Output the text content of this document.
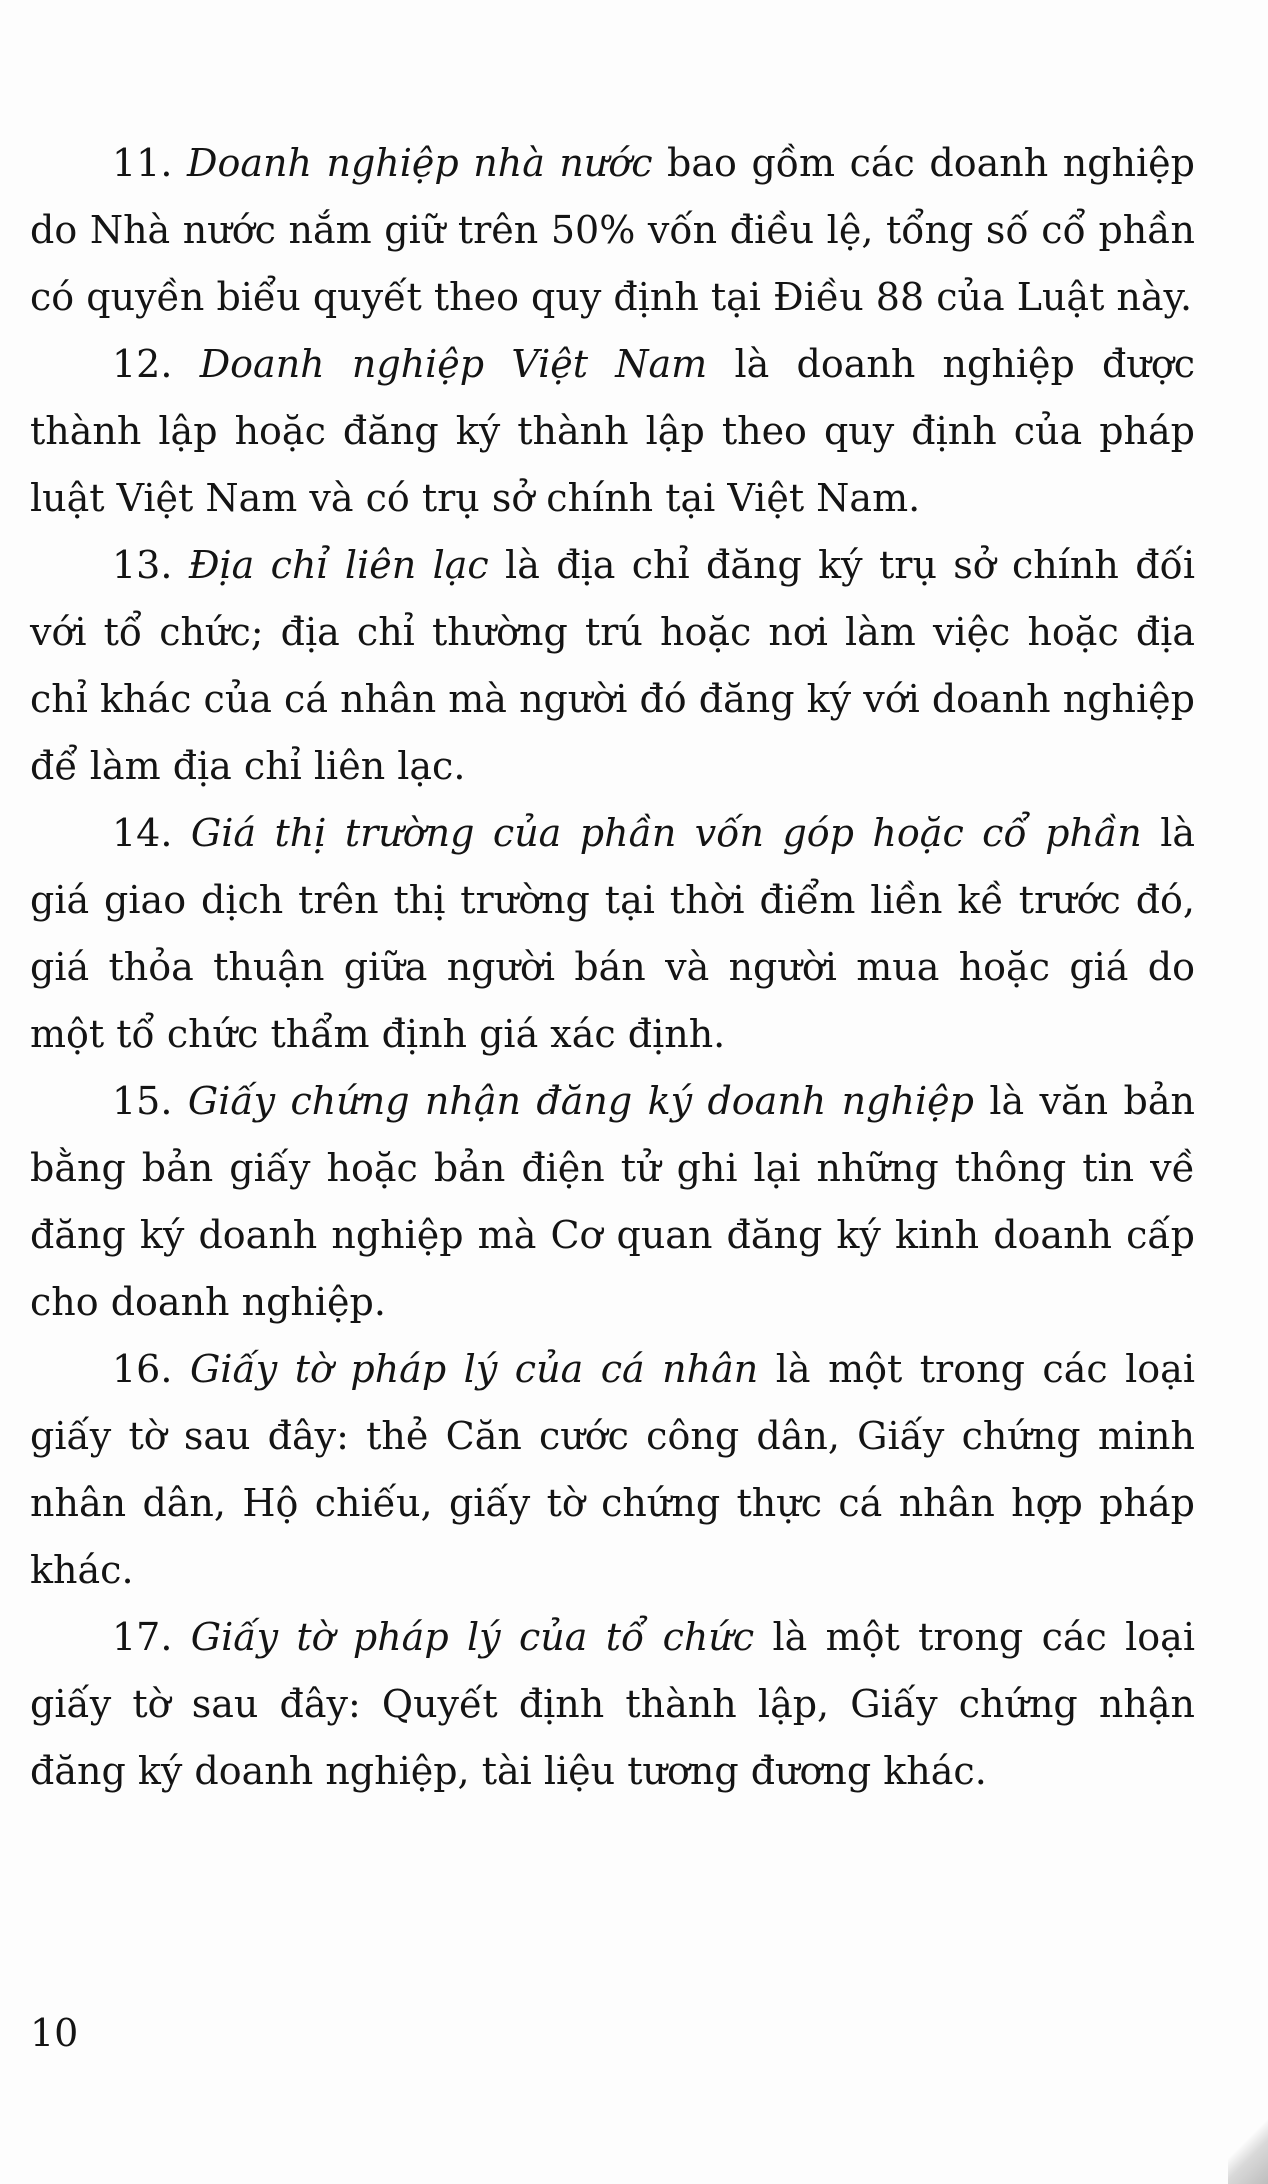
11. Doanh nghiệp nhà nước bao gồm các doanh nghiệp do Nhà nước nắm giữ trên 50% vốn điều lệ, tổng số cổ phần có quyền biểu quyết theo quy định tại Điều 88 của Luật này.

12. Doanh nghiệp Việt Nam là doanh nghiệp được thành lập hoặc đăng ký thành lập theo quy định của pháp luật Việt Nam và có trụ sở chính tại Việt Nam.

13. Địa chỉ liên lạc là địa chỉ đăng ký trụ sở chính đối với tổ chức; địa chỉ thường trú hoặc nơi làm việc hoặc địa chỉ khác của cá nhân mà người đó đăng ký với doanh nghiệp để làm địa chỉ liên lạc.

14. Giá thị trường của phần vốn góp hoặc cổ phần là giá giao dịch trên thị trường tại thời điểm liền kề trước đó, giá thỏa thuận giữa người bán và người mua hoặc giá do một tổ chức thẩm định giá xác định.

15. Giấy chứng nhận đăng ký doanh nghiệp là văn bản bằng bản giấy hoặc bản điện tử ghi lại những thông tin về đăng ký doanh nghiệp mà Cơ quan đăng ký kinh doanh cấp cho doanh nghiệp.

16. Giấy tờ pháp lý của cá nhân là một trong các loại giấy tờ sau đây: thẻ Căn cước công dân, Giấy chứng minh nhân dân, Hộ chiếu, giấy tờ chứng thực cá nhân hợp pháp khác.

17. Giấy tờ pháp lý của tổ chức là một trong các loại giấy tờ sau đây: Quyết định thành lập, Giấy chứng nhận đăng ký doanh nghiệp, tài liệu tương đương khác.

10
